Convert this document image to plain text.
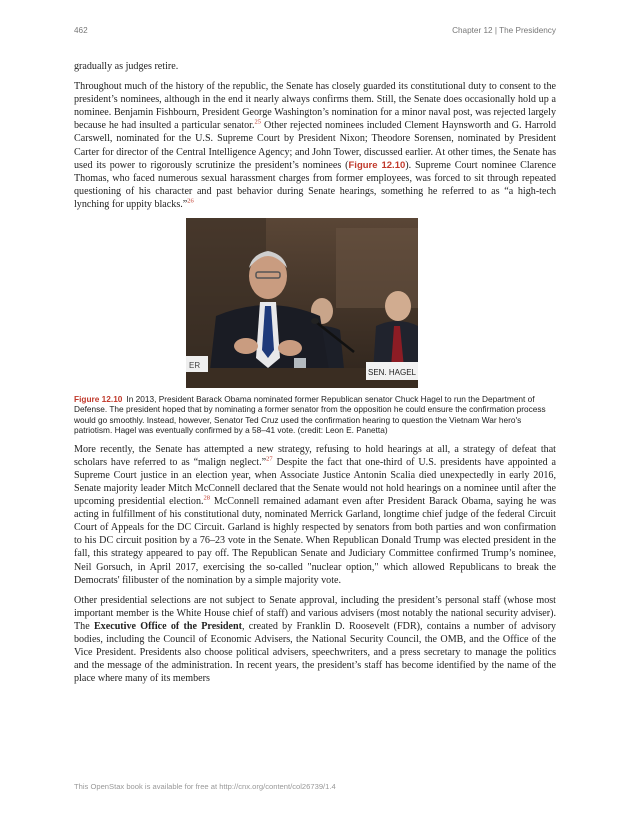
462	Chapter 12 | The Presidency

gradually as judges retire.

Throughout much of the history of the republic, the Senate has closely guarded its constitutional duty to consent to the president’s nominees, although in the end it nearly always confirms them. Still, the Senate does occasionally hold up a nominee. Benjamin Fishbourn, President George Washington’s nomination for a minor naval post, was rejected largely because he had insulted a particular senator.$^{25}$ Other rejected nominees included Clement Haynsworth and G. Harrold Carswell, nominated for the U.S. Supreme Court by President Nixon; Theodore Sorensen, nominated by President Carter for director of the Central Intelligence Agency; and John Tower, discussed earlier. At other times, the Senate has used its power to rigorously scrutinize the president’s nominees (Figure 12.10). Supreme Court nominee Clarence Thomas, who faced numerous sexual harassment charges from former employees, was forced to sit through repeated questioning of his character and past behavior during Senate hearings, something he referred to as “a high-tech lynching for uppity blacks.”$^{26}$

SEN. HAGEL
ER

Figure 12.10 In 2013, President Barack Obama nominated former Republican senator Chuck Hagel to run the Department of Defense. The president hoped that by nominating a former senator from the opposition he could ensure the confirmation process would go smoothly. Instead, however, Senator Ted Cruz used the confirmation hearing to question the Vietnam War hero's patriotism. Hagel was eventually confirmed by a 58–41 vote. (credit: Leon E. Panetta)

More recently, the Senate has attempted a new strategy, refusing to hold hearings at all, a strategy of defeat that scholars have referred to as “malign neglect.”$^{27}$ Despite the fact that one-third of U.S. presidents have appointed a Supreme Court justice in an election year, when Associate Justice Antonin Scalia died unexpectedly in early 2016, Senate majority leader Mitch McConnell declared that the Senate would not hold hearings on a nominee until after the upcoming presidential election.$^{28}$ McConnell remained adamant even after President Barack Obama, saying he was acting in fulfillment of his constitutional duty, nominated Merrick Garland, longtime chief judge of the federal Circuit Court of Appeals for the DC Circuit. Garland is highly respected by senators from both parties and won confirmation to his DC circuit position by a 76–23 vote in the Senate. When Republican Donald Trump was elected president in the fall, this strategy appeared to pay off. The Republican Senate and Judiciary Committee confirmed Trump’s nominee, Neil Gorsuch, in April 2017, exercising the so-called "nuclear option," which allowed Republicans to break the Democrats' filibuster of the nomination by a simple majority vote.

Other presidential selections are not subject to Senate approval, including the president’s personal staff (whose most important member is the White House chief of staff) and various advisers (most notably the national security adviser). The Executive Office of the President, created by Franklin D. Roosevelt (FDR), contains a number of advisory bodies, including the Council of Economic Advisers, the National Security Council, the OMB, and the Office of the Vice President. Presidents also choose political advisers, speechwriters, and a press secretary to manage the politics and the message of the administration. In recent years, the president’s staff has become identified by the name of the place where many of its members

This OpenStax book is available for free at http://cnx.org/content/col26739/1.4
